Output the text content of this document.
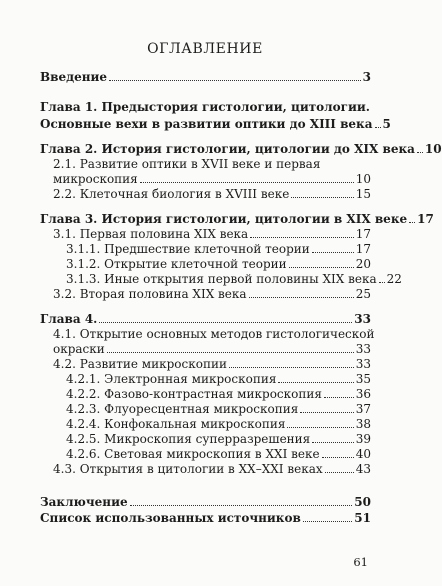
ОГЛАВЛЕНИЕ
Введение	3
Глава 1. Предыстория гистологии, цитологии.
Основные вехи в развитии оптики до XIII века 5
Глава 2. История гистологии, цитологии до XIX века 10
2.1. Развитие оптики в XVII веке и первая
микроскопия	10
2.2. Клеточная биология в XVIII веке	15
Глава 3. История гистологии, цитологии в XIX веке 17
3.1. Первая половина XIX века	17
3.1.1. Предшествие клеточной теории	17
3.1.2. Открытие клеточной теории	20
3.1.3. Иные открытия первой половины XIX века 22
3.2. Вторая половина XIX века	25
Глава 4.	33
4.1. Открытие основных методов гистологической
окраски	33
4.2. Развитие микроскопии	33
4.2.1. Электронная микроскопия	35
4.2.2. Фазово-контрастная микроскопия	36
4.2.3. Флуоресцентная микроскопия	37
4.2.4. Конфокальная микроскопия	38
4.2.5. Микроскопия суперразрешения	39
4.2.6. Световая микроскопия в XXI веке	40
4.3. Открытия в цитологии в XX–XXI веках	43
Заключение	50
Список использованных источников	51
61
